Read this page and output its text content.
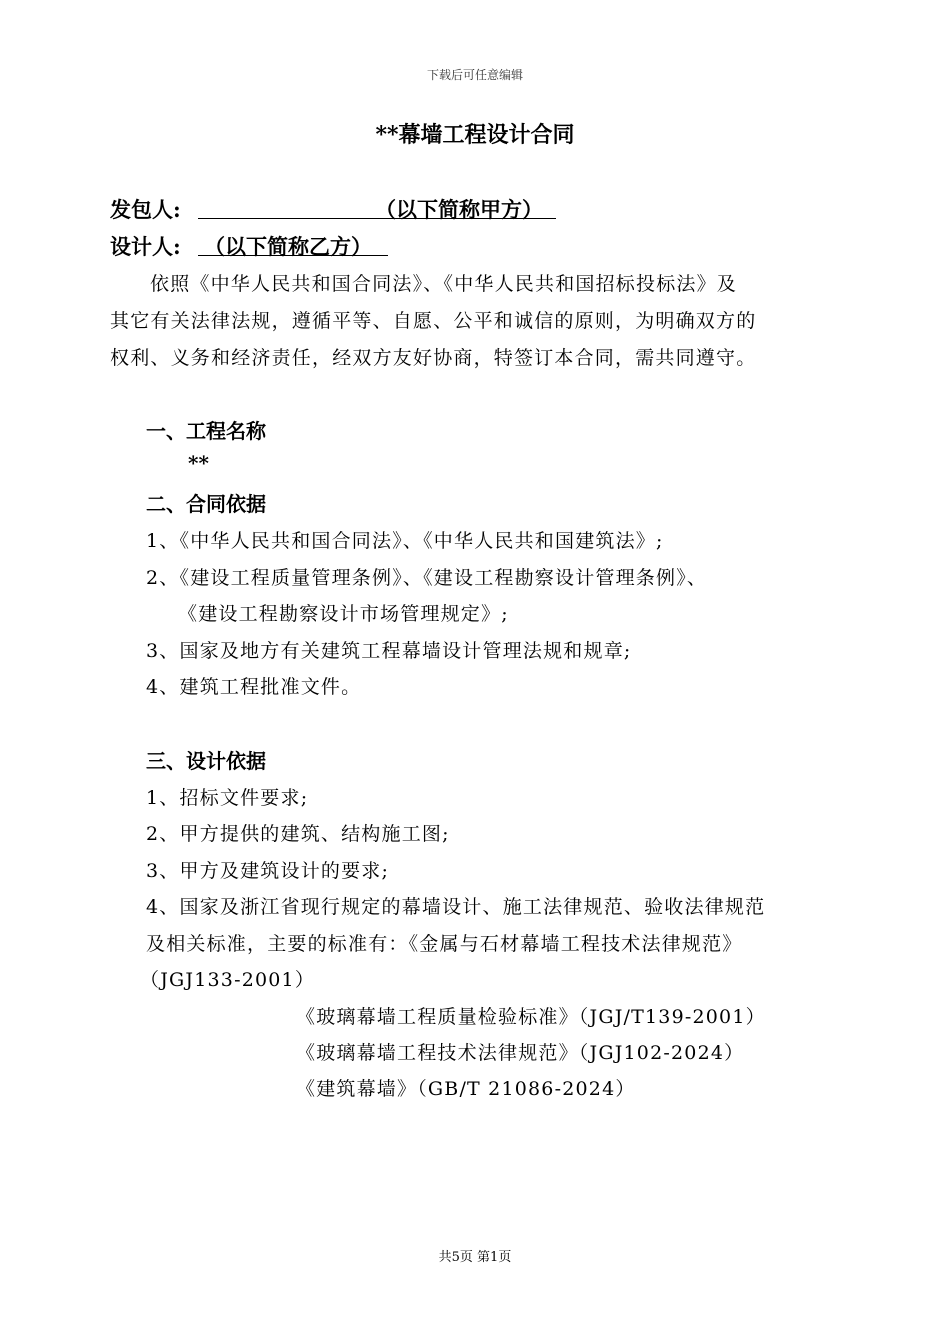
下载后可任意编辑
**幕墙工程设计合同
发包人:	（以下简称甲方）
设计人: （以下简称乙方）
依照《中华人民共和国合同法》、《中华人民共和国招标投标法》及
其它有关法律法规，遵循平等、自愿、公平和诚信的原则，为明确双方的
权利、义务和经济责任，经双方友好协商，特签订本合同，需共同遵守。
一、工程名称
**
二、合同依据
1、《中华人民共和国合同法》、《中华人民共和国建筑法》;
2、《建设工程质量管理条例》、《建设工程勘察设计管理条例》、
《建设工程勘察设计市场管理规定》;
3、国家及地方有关建筑工程幕墙设计管理法规和规章;
4、建筑工程批准文件。
三、设计依据
1、招标文件要求;
2、甲方提供的建筑、结构施工图;
3、甲方及建筑设计的要求;
4、国家及浙江省现行规定的幕墙设计、施工法律规范、验收法律规范
及相关标准，主要的标准有：《金属与石材幕墙工程技术法律规范》
（JGJ133-2001）
《玻璃幕墙工程质量检验标准》（JGJ/T139-2001）
《玻璃幕墙工程技术法律规范》（JGJ102-2024）
《建筑幕墙》（GB/T 21086-2024）
共5页 第1页
